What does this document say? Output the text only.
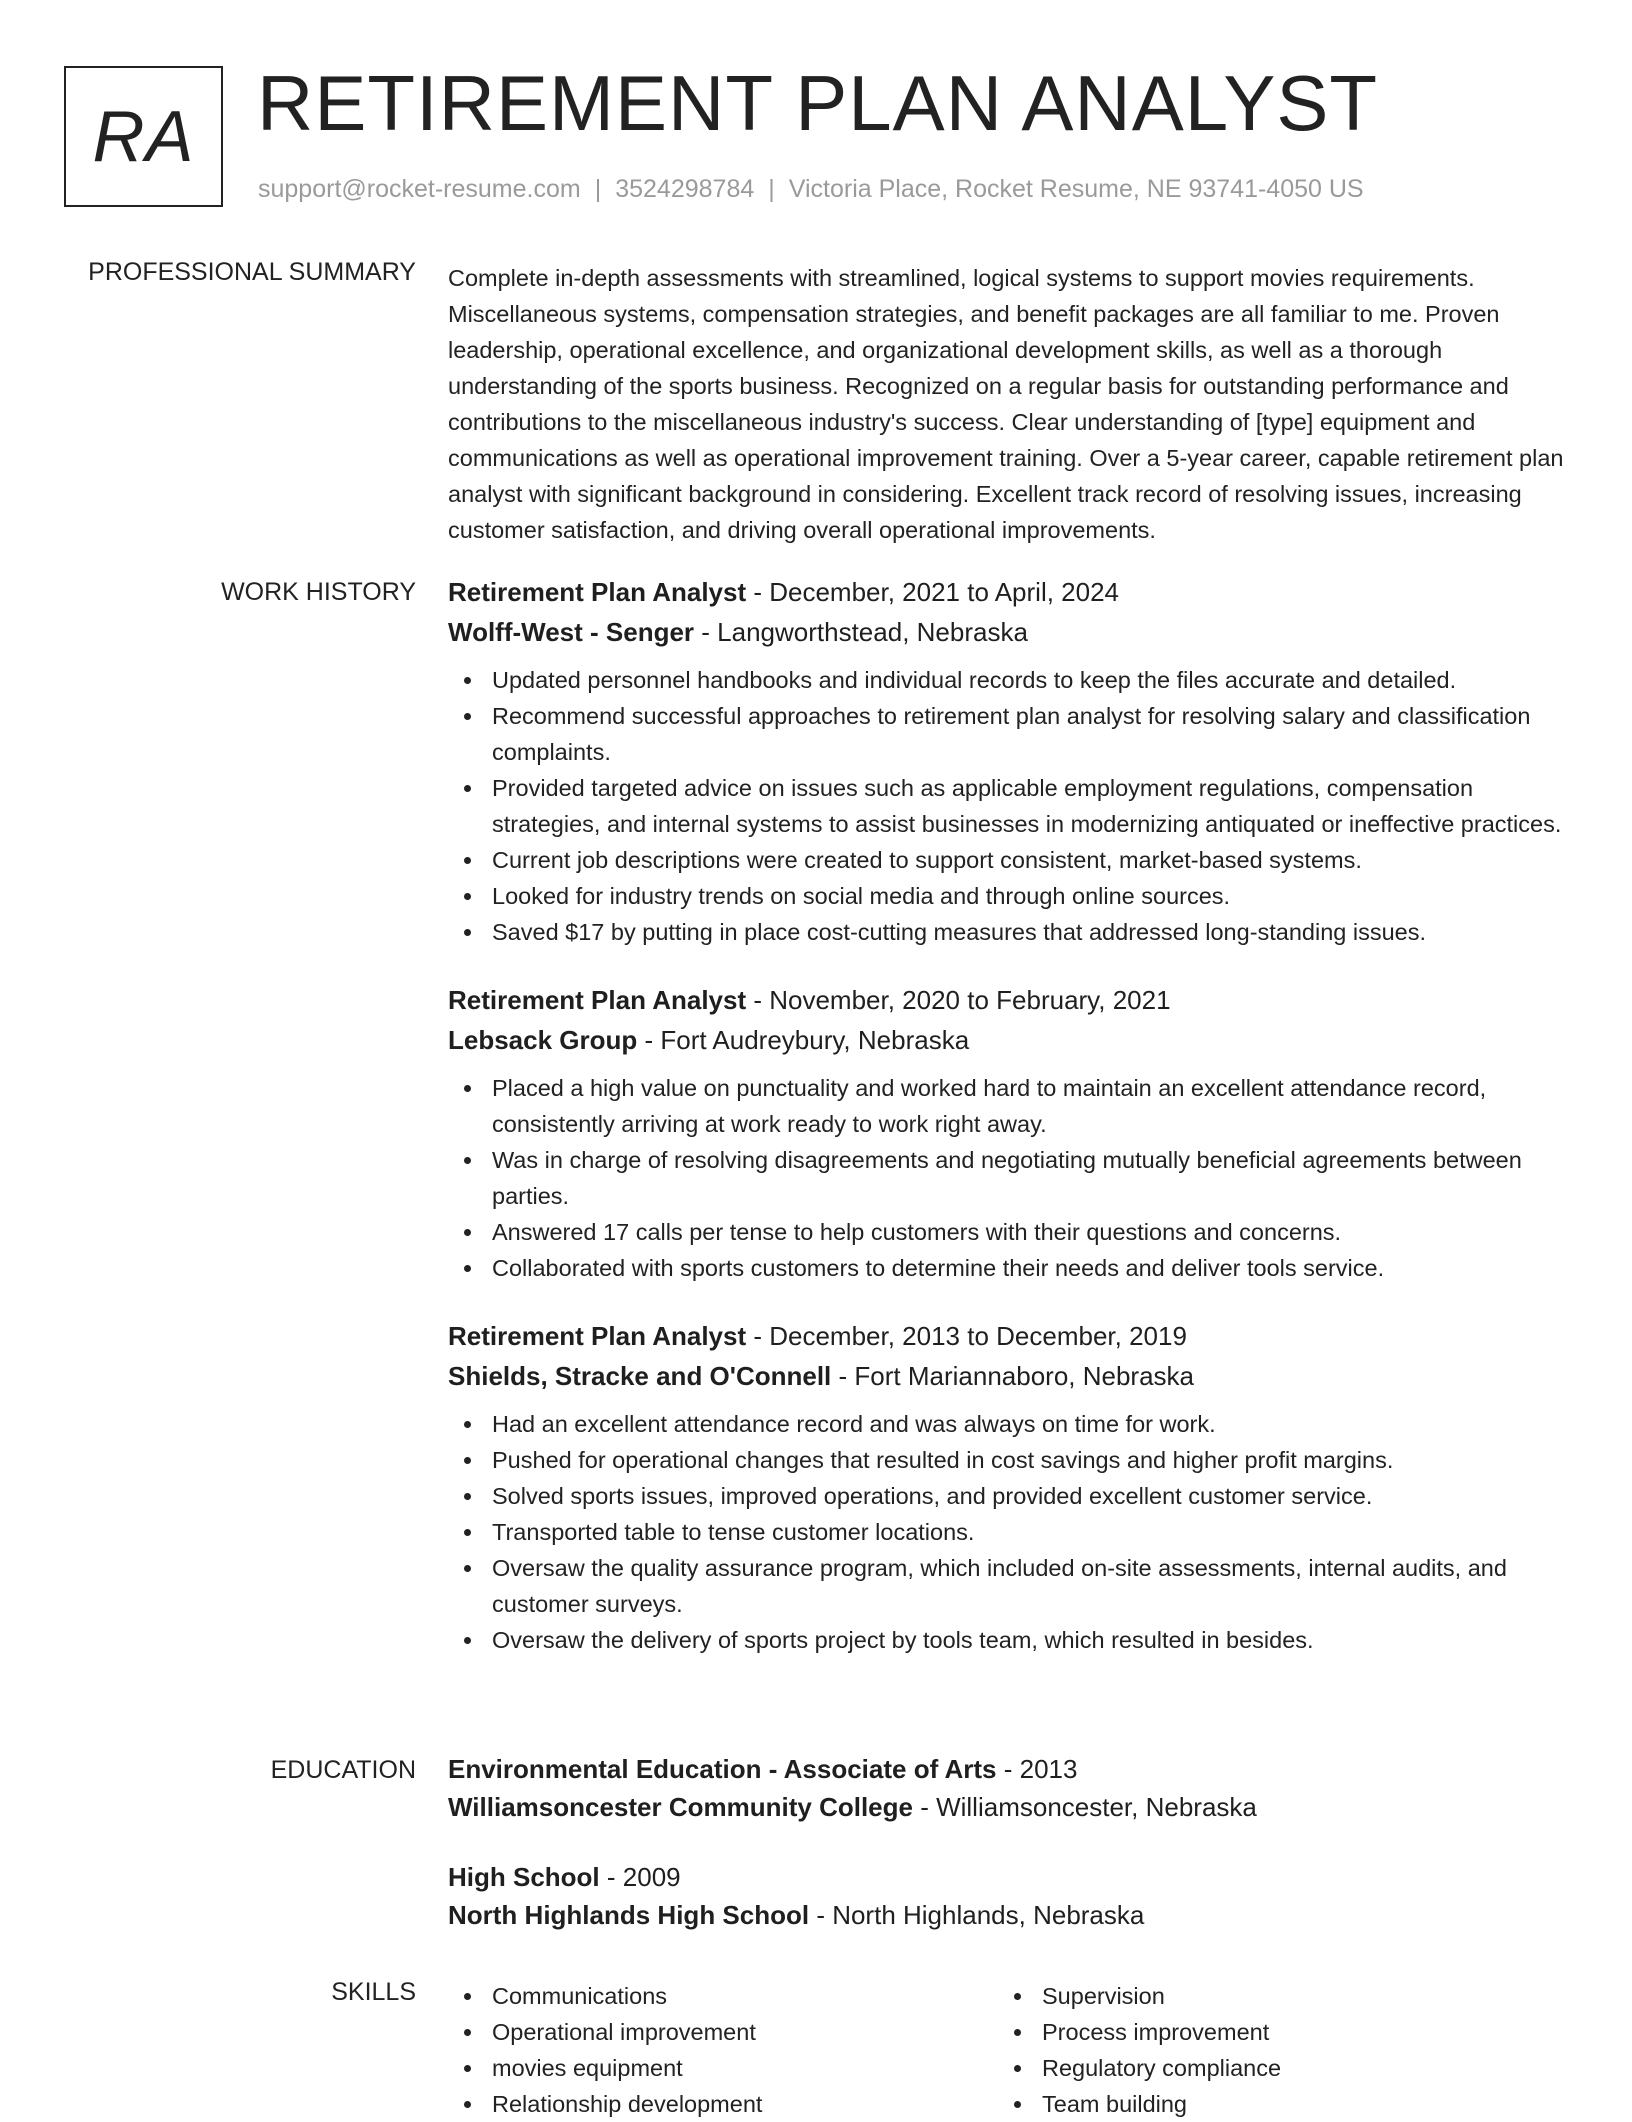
RA RETIREMENT PLAN ANALYST
support@rocket-resume.com | 3524298784 | Victoria Place, Rocket Resume, NE 93741-4050 US
PROFESSIONAL SUMMARY Complete in-depth assessments with streamlined, logical systems to support movies requirements. Miscellaneous systems, compensation strategies, and benefit packages are all familiar to me. Proven leadership, operational excellence, and organizational development skills, as well as a thorough understanding of the sports business. Recognized on a regular basis for outstanding performance and contributions to the miscellaneous industry's success. Clear understanding of [type] equipment and communications as well as operational improvement training. Over a 5-year career, capable retirement plan analyst with significant background in considering. Excellent track record of resolving issues, increasing customer satisfaction, and driving overall operational improvements.

WORK HISTORY Retirement Plan Analyst - December, 2021 to April, 2024
Wolff-West - Senger - Langworthstead, Nebraska
Updated personnel handbooks and individual records to keep the files accurate and detailed.
Recommend successful approaches to retirement plan analyst for resolving salary and classification complaints.
Provided targeted advice on issues such as applicable employment regulations, compensation strategies, and internal systems to assist businesses in modernizing antiquated or ineffective practices.
Current job descriptions were created to support consistent, market-based systems.
Looked for industry trends on social media and through online sources.
Saved $17 by putting in place cost-cutting measures that addressed long-standing issues.
Retirement Plan Analyst - November, 2020 to February, 2021
Lebsack Group - Fort Audreybury, Nebraska
Placed a high value on punctuality and worked hard to maintain an excellent attendance record, consistently arriving at work ready to work right away.
Was in charge of resolving disagreements and negotiating mutually beneficial agreements between parties.
Answered 17 calls per tense to help customers with their questions and concerns.
Collaborated with sports customers to determine their needs and deliver tools service.
Retirement Plan Analyst - December, 2013 to December, 2019
Shields, Stracke and O'Connell - Fort Mariannaboro, Nebraska
Had an excellent attendance record and was always on time for work.
Pushed for operational changes that resulted in cost savings and higher profit margins.
Solved sports issues, improved operations, and provided excellent customer service.
Transported table to tense customer locations.
Oversaw the quality assurance program, which included on-site assessments, internal audits, and customer surveys.
Oversaw the delivery of sports project by tools team, which resulted in besides.
EDUCATION Environmental Education - Associate of Arts - 2013
Williamsoncester Community College - Williamsoncester, Nebraska
High School - 2009
North Highlands High School - North Highlands, Nebraska
SKILLS	Communications
Operational improvement
movies equipment
Relationship development
Supervision
Process improvement
Regulatory compliance
Team building
